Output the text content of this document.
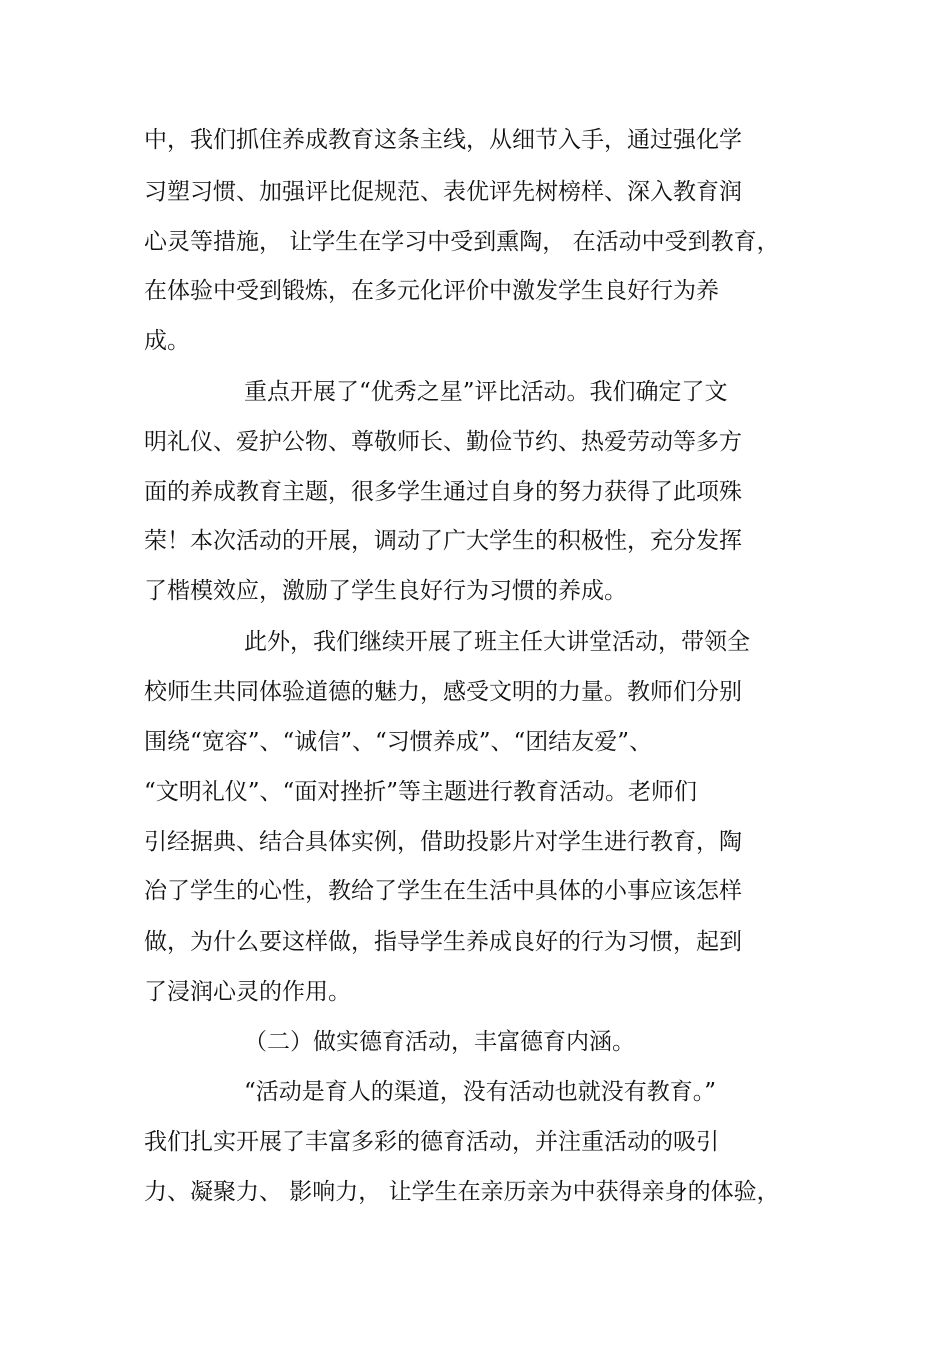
中，我们抓住养成教育这条主线，从细节入手，通过强化学

习塑习惯、加强评比促规范、表优评先树榜样、深入教育润

心灵等措施， 让学生在学习中受到熏陶， 在活动中受到教育，

在体验中受到锻炼，在多元化评价中激发学生良好行为养

成。

重点开展了“优秀之星”评比活动。我们确定了文

明礼仪、爱护公物、尊敬师长、勤俭节约、热爱劳动等多方

面的养成教育主题，很多学生通过自身的努力获得了此项殊

荣！本次活动的开展，调动了广大学生的积极性，充分发挥

了楷模效应，激励了学生良好行为习惯的养成。

此外，我们继续开展了班主任大讲堂活动，带领全

校师生共同体验道德的魅力，感受文明的力量。教师们分别

围绕“宽容”、“诚信”、“习惯养成”、“团结友爱”、

“文明礼仪”、“面对挫折”等主题进行教育活动。老师们

引经据典、结合具体实例，借助投影片对学生进行教育，陶

冶了学生的心性，教给了学生在生活中具体的小事应该怎样

做，为什么要这样做，指导学生养成良好的行为习惯，起到

了浸润心灵的作用。

（二）做实德育活动，丰富德育内涵。

“活动是育人的渠道，没有活动也就没有教育。”

我们扎实开展了丰富多彩的德育活动，并注重活动的吸引

力、凝聚力、 影响力， 让学生在亲历亲为中获得亲身的体验，
